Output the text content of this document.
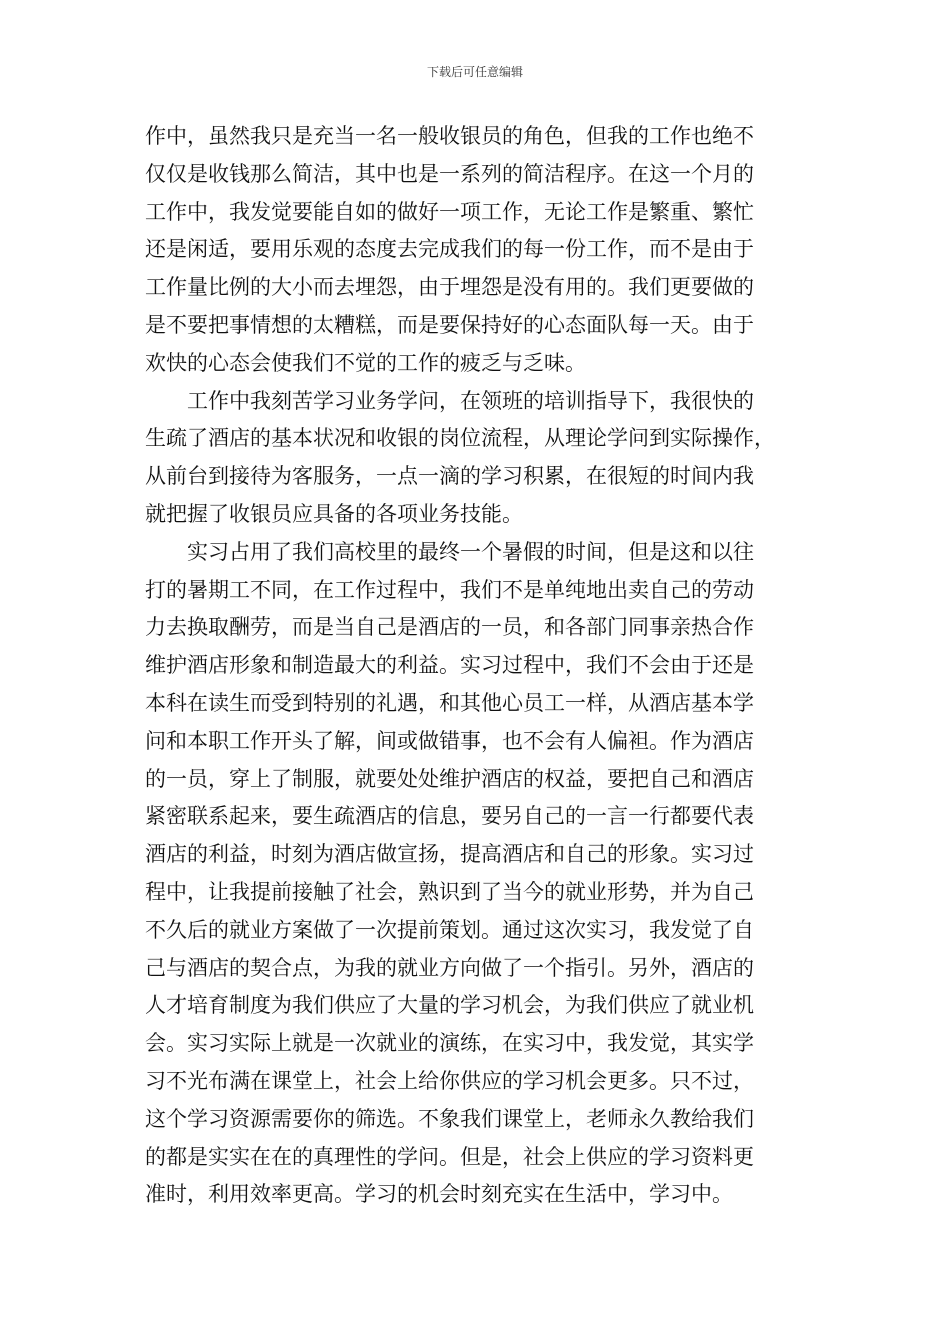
下载后可任意编辑
作中，虽然我只是充当一名一般收银员的角色，但我的工作也绝不
仅仅是收钱那么简洁，其中也是一系列的简洁程序。在这一个月的
工作中，我发觉要能自如的做好一项工作，无论工作是繁重、繁忙
还是闲适，要用乐观的态度去完成我们的每一份工作，而不是由于
工作量比例的大小而去埋怨，由于埋怨是没有用的。我们更要做的
是不要把事情想的太糟糕，而是要保持好的心态面队每一天。由于
欢快的心态会使我们不觉的工作的疲乏与乏味。
工作中我刻苦学习业务学问，在领班的培训指导下，我很快的
生疏了酒店的基本状况和收银的岗位流程，从理论学问到实际操作，
从前台到接待为客服务，一点一滴的学习积累，在很短的时间内我
就把握了收银员应具备的各项业务技能。
实习占用了我们高校里的最终一个暑假的时间，但是这和以往
打的暑期工不同，在工作过程中，我们不是单纯地出卖自己的劳动
力去换取酬劳，而是当自己是酒店的一员，和各部门同事亲热合作
维护酒店形象和制造最大的利益。实习过程中，我们不会由于还是
本科在读生而受到特别的礼遇，和其他心员工一样，从酒店基本学
问和本职工作开头了解，间或做错事，也不会有人偏袒。作为酒店
的一员，穿上了制服，就要处处维护酒店的权益，要把自己和酒店
紧密联系起来，要生疏酒店的信息，要另自己的一言一行都要代表
酒店的利益，时刻为酒店做宣扬，提高酒店和自己的形象。实习过
程中，让我提前接触了社会，熟识到了当今的就业形势，并为自己
不久后的就业方案做了一次提前策划。通过这次实习，我发觉了自
己与酒店的契合点，为我的就业方向做了一个指引。另外，酒店的
人才培育制度为我们供应了大量的学习机会，为我们供应了就业机
会。实习实际上就是一次就业的演练，在实习中，我发觉，其实学
习不光布满在课堂上，社会上给你供应的学习机会更多。只不过，
这个学习资源需要你的筛选。不象我们课堂上，老师永久教给我们
的都是实实在在的真理性的学问。但是，社会上供应的学习资料更
准时，利用效率更高。学习的机会时刻充实在生活中，学习中。
